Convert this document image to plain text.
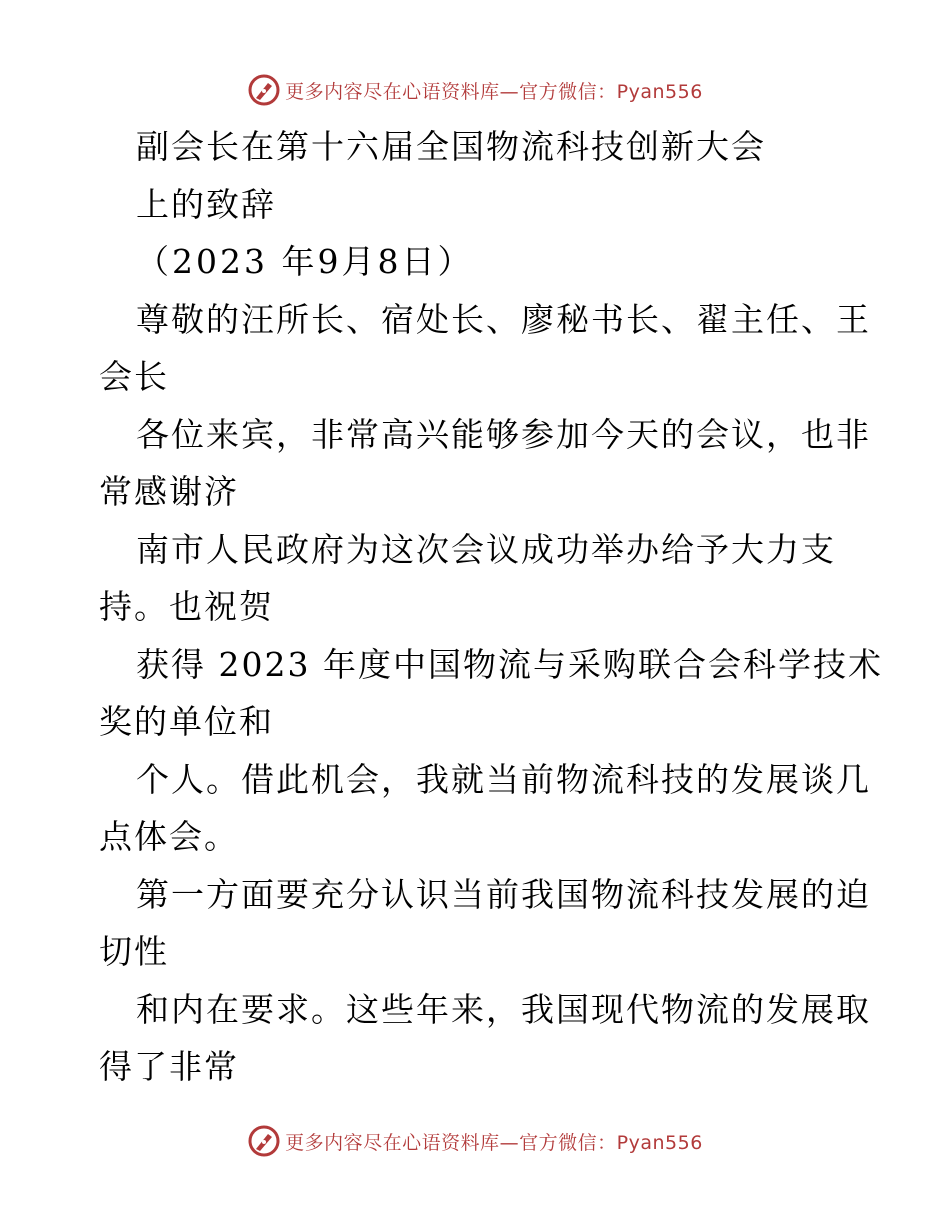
更多内容尽在心语资料库—官方微信：Pyan556
副会长在第十六届全国物流科技创新大会
上的致辞
（2023 年9月8日）
尊敬的汪所长、宿处长、廖秘书长、翟主任、王
会长
各位来宾，非常高兴能够参加今天的会议，也非
常感谢济
南市人民政府为这次会议成功举办给予大力支
持。也祝贺
获得 2023 年度中国物流与采购联合会科学技术
奖的单位和
个人。借此机会，我就当前物流科技的发展谈几
点体会。
第一方面要充分认识当前我国物流科技发展的迫
切性
和内在要求。这些年来，我国现代物流的发展取
得了非常
更多内容尽在心语资料库—官方微信：Pyan556
